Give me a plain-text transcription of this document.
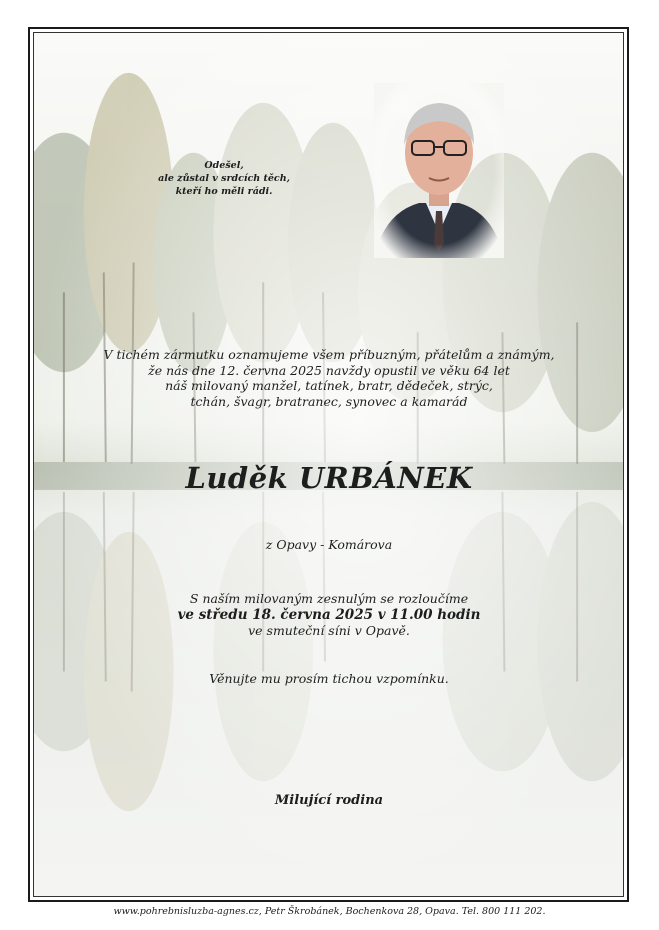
Odešel,
ale zůstal v srdcích těch,
kteří ho měli rádi.
V tichém zármutku oznamujeme všem příbuzným, přátelům a známým,
že nás dne 12. června 2025 navždy opustil ve věku 64 let
náš milovaný manžel, tatínek, bratr, dědeček, strýc,
tchán, švagr, bratranec, synovec a kamarád
Luděk URBÁNEK
z Opavy - Komárova
S naším milovaným zesnulým se rozloučíme
ve středu 18. června 2025 v 11.00 hodin
ve smuteční síni v Opavě.
Věnujte mu prosím tichou vzpomínku.
Milující rodina
www.pohrebnisluzba-agnes.cz, Petr Škrobánek, Bochenkova 28, Opava. Tel. 800 111 202.
